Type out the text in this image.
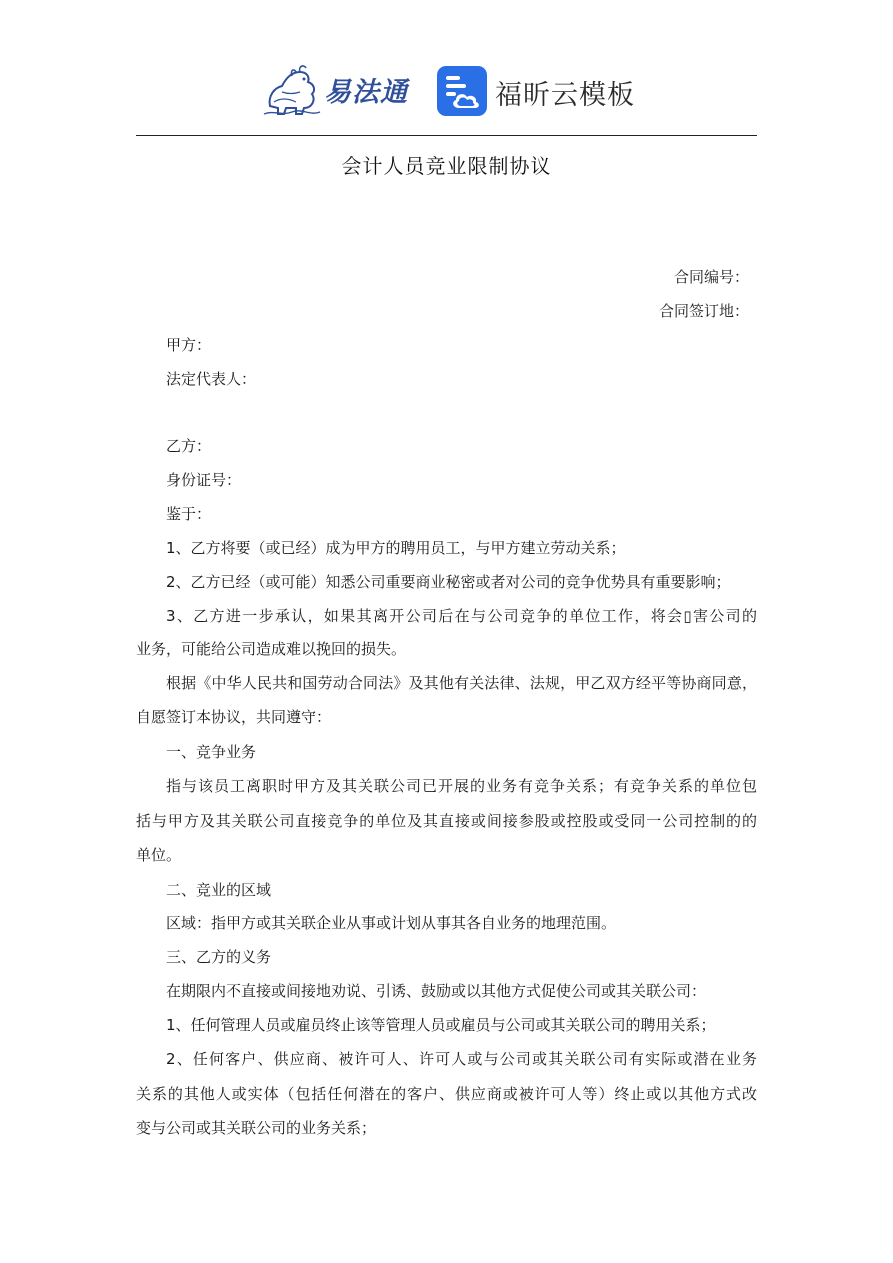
易法通	福昕云模板
会计人员竞业限制协议
合同编号：
合同签订地：
甲方：
法定代表人：
乙方：
身份证号：
鉴于：
1、乙方将要（或已经）成为甲方的聘用员工，与甲方建立劳动关系；
2、乙方已经（或可能）知悉公司重要商业秘密或者对公司的竞争优势具有重要影响；
3、乙方进一步承认，如果其离开公司后在与公司竞争的单位工作，将会▯害公司的
业务，可能给公司造成难以挽回的损失。
根据《中华人民共和国劳动合同法》及其他有关法律、法规，甲乙双方经平等协商同意，
自愿签订本协议，共同遵守：
一、竞争业务
指与该员工离职时甲方及其关联公司已开展的业务有竞争关系；有竞争关系的单位包
括与甲方及其关联公司直接竞争的单位及其直接或间接参股或控股或受同一公司控制的的
单位。
二、竞业的区域
区域：指甲方或其关联企业从事或计划从事其各自业务的地理范围。
三、乙方的义务
在期限内不直接或间接地劝说、引诱、鼓励或以其他方式促使公司或其关联公司：
1、任何管理人员或雇员终止该等管理人员或雇员与公司或其关联公司的聘用关系；
2、任何客户、供应商、被许可人、许可人或与公司或其关联公司有实际或潜在业务
关系的其他人或实体（包括任何潜在的客户、供应商或被许可人等）终止或以其他方式改
变与公司或其关联公司的业务关系；
